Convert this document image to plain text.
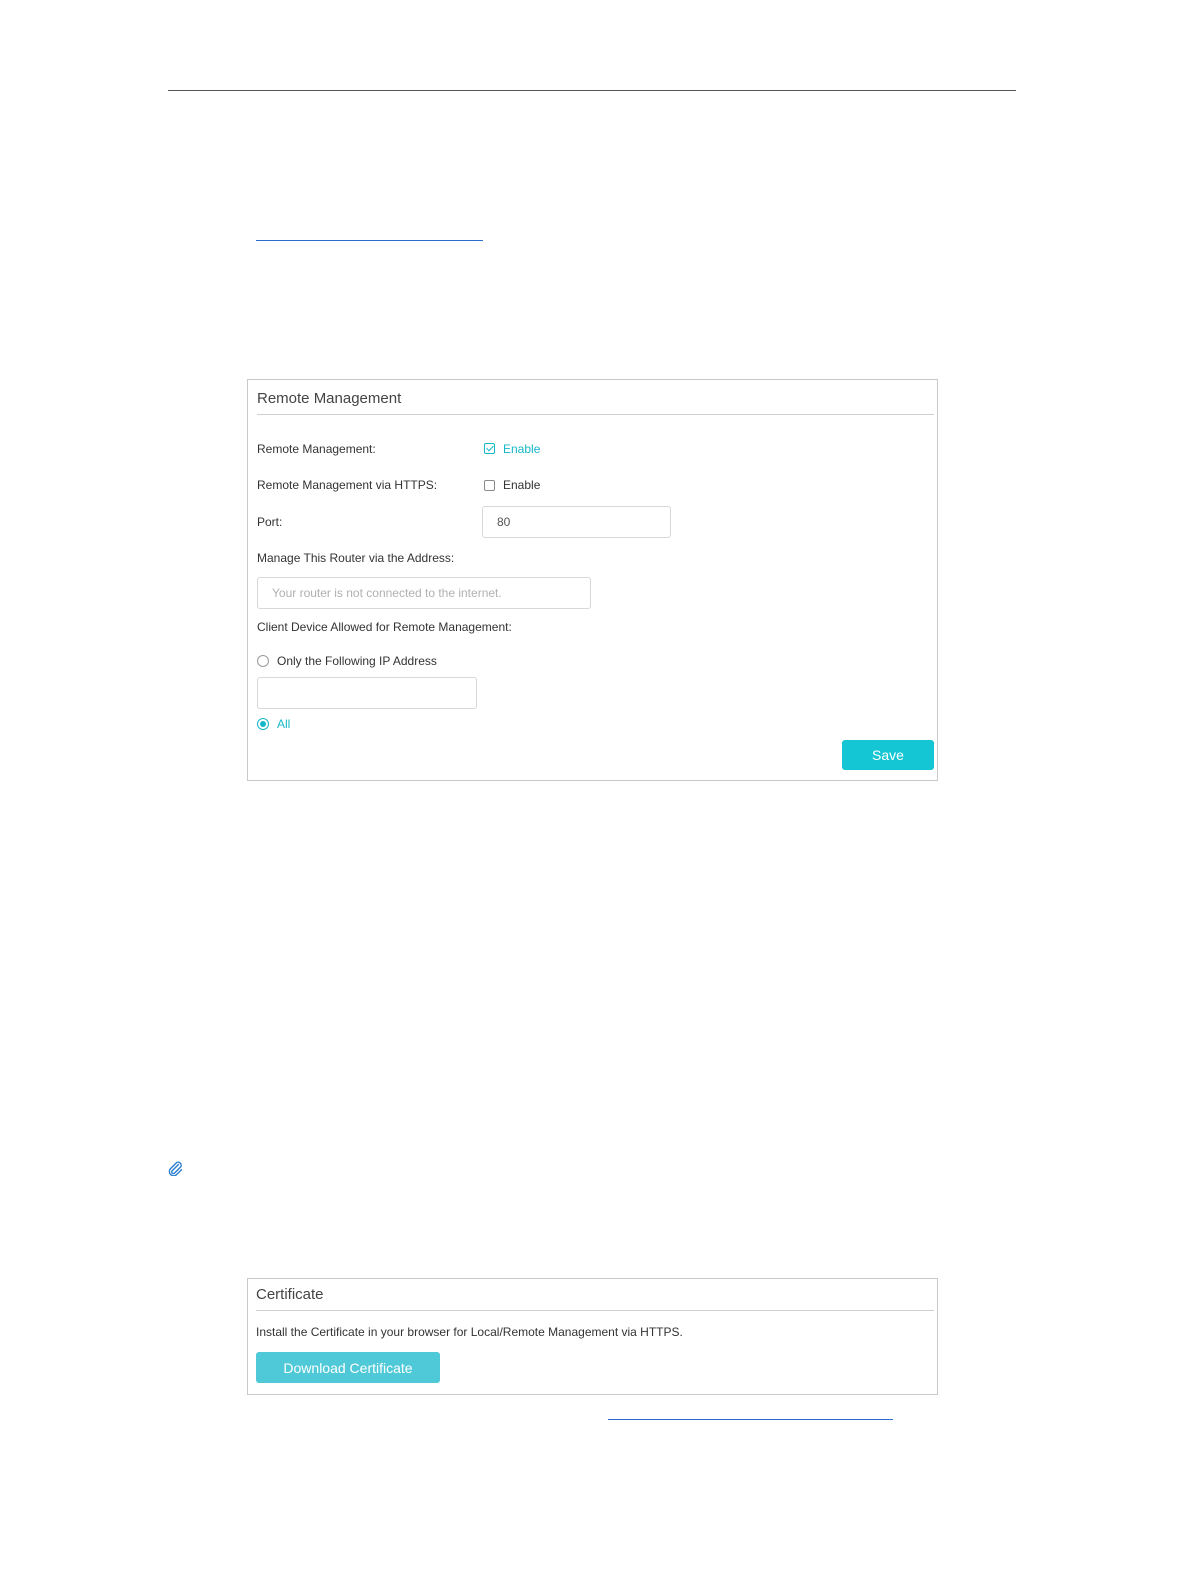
Remote Management
Remote Management:	Enable
Remote Management via HTTPS:	Enable
Port:
80
Manage This Router via the Address:
Your router is not connected to the internet.
Client Device Allowed for Remote Management:
Only the Following IP Address
All
Save
Certificate
Install the Certificate in your browser for Local/Remote Management via HTTPS.
Download Certificate
